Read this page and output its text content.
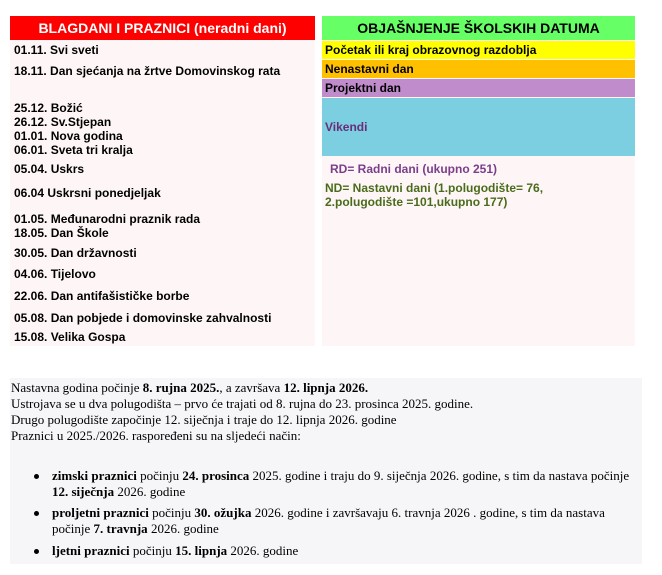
BLAGDANI I PRAZNICI (neradni dani)
01.11. Svi sveti
18.11. Dan sjećanja na žrtve Domovinskog rata
25.12. Božić
26.12. Sv.Stjepan
01.01. Nova godina
06.01. Sveta tri kralja
05.04. Uskrs
06.04 Uskrsni ponedjeljak
01.05. Međunarodni praznik rada
18.05. Dan Škole
30.05. Dan državnosti
04.06. Tijelovo
22.06. Dan antifašističke borbe
05.08. Dan pobjede i domovinske zahvalnosti
15.08. Velika Gospa
OBJAŠNJENJE ŠKOLSKIH DATUMA
Početak ili kraj obrazovnog razdoblja
Nenastavni dan
Projektni dan
Vikendi
RD= Radni dani (ukupno 251)
ND= Nastavni dani (1.polugodište= 76,
2.polugodište =101,ukupno 177)
Nastavna godina počinje 8. rujna 2025., a završava 12. lipnja 2026.
Ustrojava se u dva polugodišta – prvo će trajati od 8. rujna do 23. prosinca 2025. godine.
Drugo polugodište započinje 12. siječnja i traje do 12. lipnja 2026. godine
Praznici u 2025./2026. raspoređeni su na sljedeći način:
zimski praznici počinju 24. prosinca 2025. godine i traju do 9. siječnja 2026. godine, s tim da nastava počinje 12. siječnja 2026. godine
proljetni praznici počinju 30. ožujka 2026. godine i završavaju 6. travnja 2026 . godine, s tim da nastava počinje 7. travnja 2026. godine
ljetni praznici počinju 15. lipnja 2026. godine
